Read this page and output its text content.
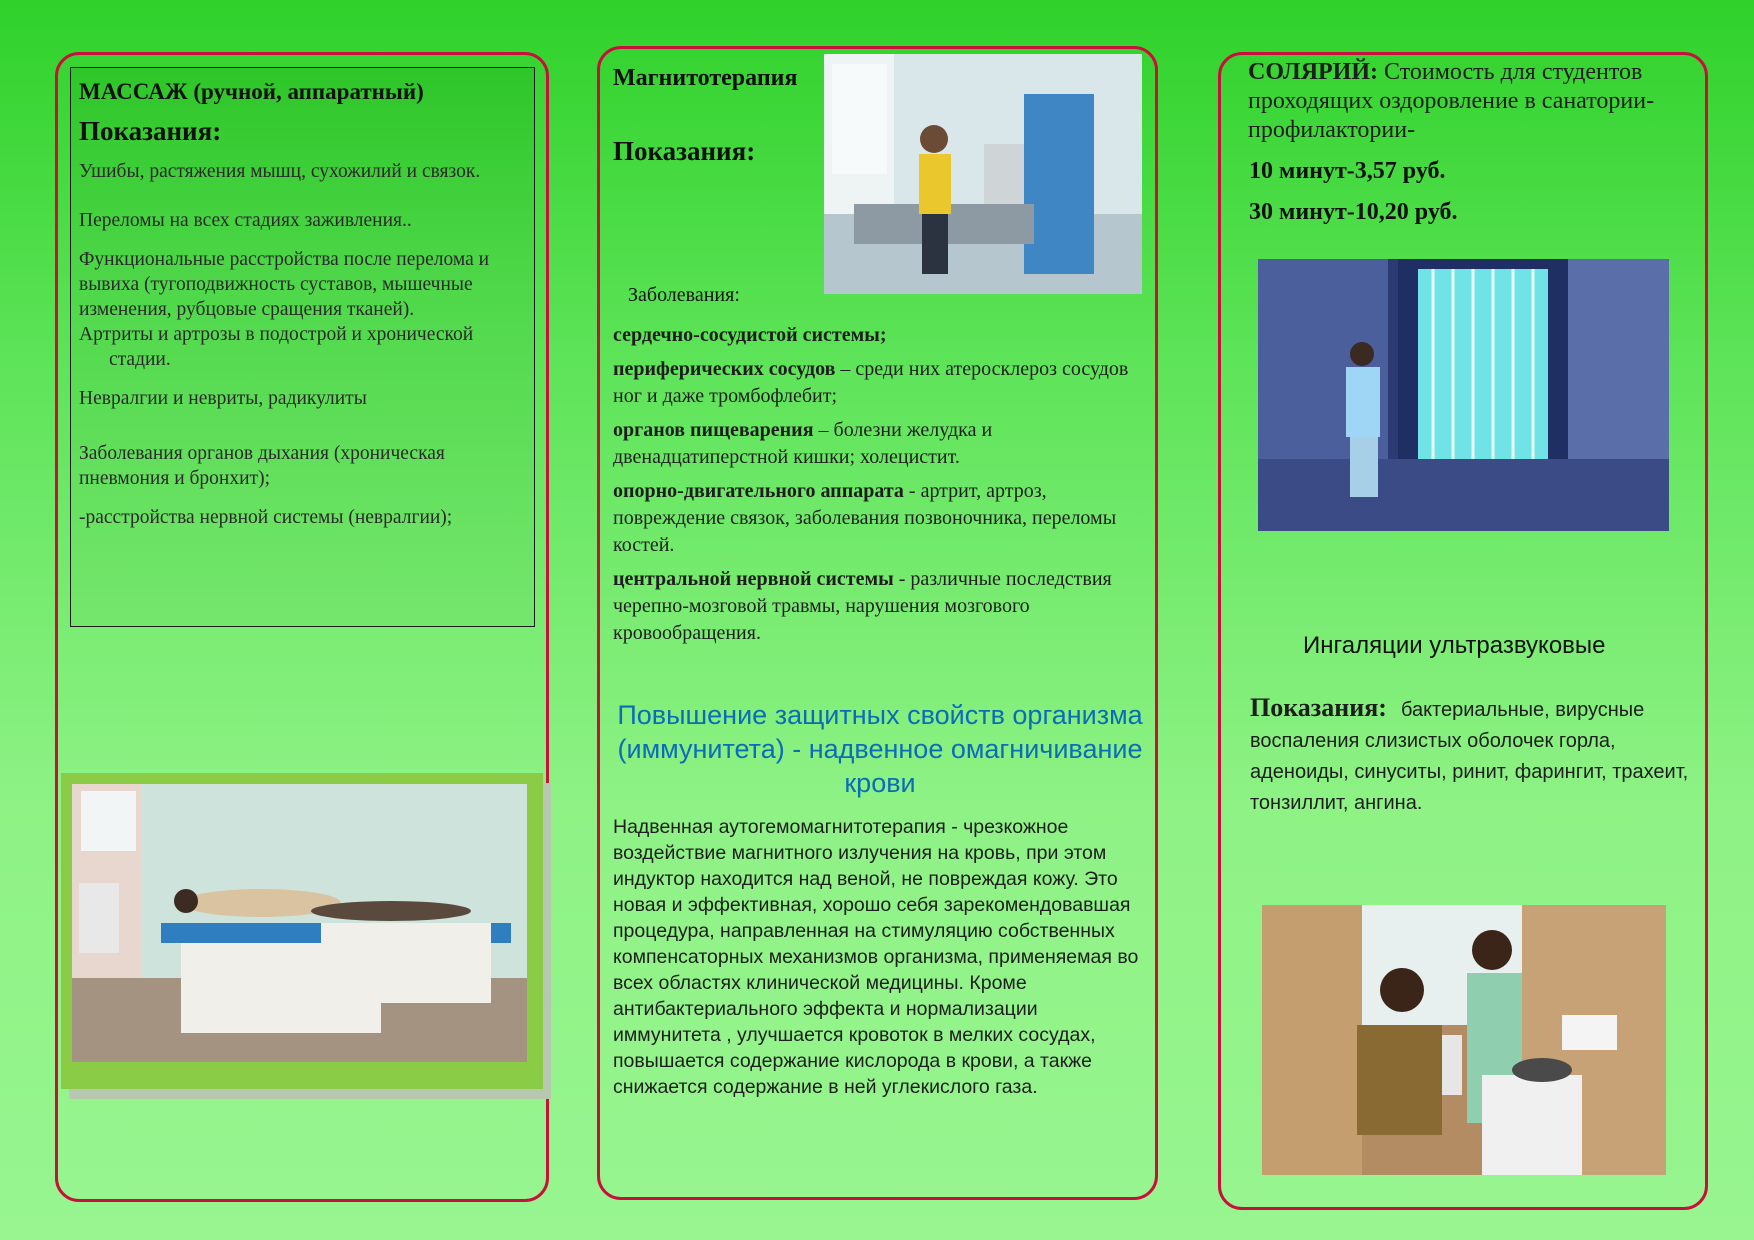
МАССАЖ (ручной, аппаратный)
Показания:

Ушибы, растяжения мышц, сухожилий и связок.

Переломы на всех стадиях заживления..

Функциональные расстройства после перелома и вывиха (тугоподвижность суставов, мышечные изменения, рубцовые сращения тканей).

Артриты и артрозы в подострой и хронической стадии.

Невралгии и невриты, радикулиты

Заболевания органов дыхания (хроническая пневмония и бронхит);

-расстройства нервной системы (невралгии);

Магнитотерапия
Показания:
Заболевания:

сердечно-сосудистой системы;

периферических сосудов – среди них атеросклероз сосудов ног и даже тромбофлебит;

органов пищеварения – болезни желудка и двенадцатиперстной кишки; холецистит.

опорно-двигательного аппарата - артрит, артроз, повреждение связок, заболевания позвоночника, переломы костей.

центральной нервной системы - различные последствия черепно-мозговой травмы, нарушения мозгового кровообращения.

Повышение защитных свойств организма (иммунитета) - надвенное омагничивание крови
Надвенная аутогемомагнитотерапия - чрезкожное воздействие магнитного излучения на кровь, при этом индуктор находится над веной, не повреждая кожу. Это новая и эффективная, хорошо себя зарекомендовавшая процедура, направленная на стимуляцию собственных компенсаторных механизмов организма, применяемая во всех областях клинической медицины. Кроме антибактериального эффекта и нормализации иммунитета , улучшается кровоток в мелких сосудах, повышается содержание кислорода в крови, а также снижается содержание в ней углекислого газа.
СОЛЯРИЙ: Стоимость для студентов проходящих оздоровление в санатории-профилактории-
10 минут-3,57 руб.
30 минут-10,20 руб.
Ингаляции ультразвуковые
Показания: бактериальные, вирусные воспаления слизистых оболочек горла, аденоиды, синуситы, ринит, фарингит, трахеит, тонзиллит, ангина.
